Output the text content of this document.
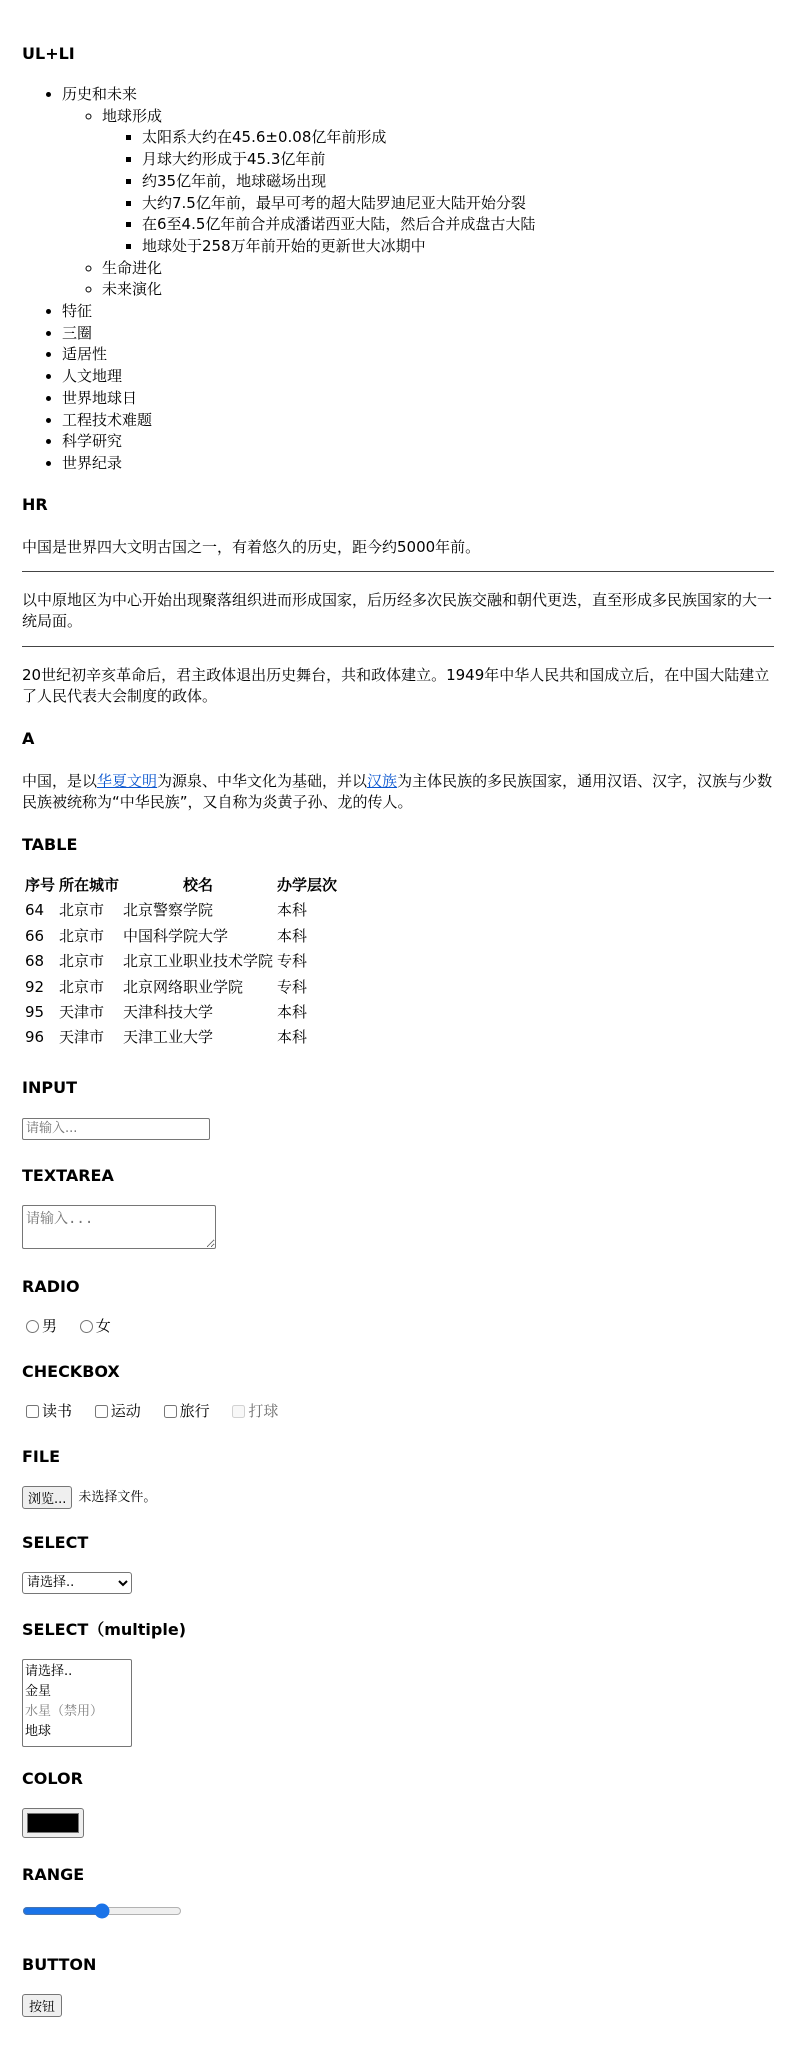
UL+LI
• 历史和未来
◦ 地球形成
▪ 太阳系大约在45.6±0.08亿年前形成
▪ 月球大约形成于45.3亿年前
▪ 约35亿年前，地球磁场出现
▪ 大约7.5亿年前，最早可考的超大陆罗迪尼亚大陆开始分裂
▪ 在6至4.5亿年前合并成潘诺西亚大陆，然后合并成盘古大陆
▪ 地球处于258万年前开始的更新世大冰期中
◦ 生命进化
◦ 未来演化
• 特征
• 三圈
• 适居性
• 人文地理
• 世界地球日
• 工程技术难题
• 科学研究
• 世界纪录
HR

中国是世界四大文明古国之一，有着悠久的历史，距今约5000年前。

以中原地区为中心开始出现聚落组织进而形成国家，后历经多次民族交融和朝代更迭，直至形成多民族国家的大一统局面。

20世纪初辛亥革命后，君主政体退出历史舞台，共和政体建立。1949年中华人民共和国成立后，在中国大陆建立了人民代表大会制度的政体。

A

中国，是以华夏文明为源泉、中华文化为基础，并以汉族为主体民族的多民族国家，通用汉语、汉字，汉族与少数民族被统称为“中华民族”，又自称为炎黄子孙、龙的传人。

TABLE
序号	所在城市	校名	办学层次
64	北京市	北京警察学院	本科
66	北京市	中国科学院大学	本科
68	北京市	北京工业职业技术学院	专科
92	北京市	北京网络职业学院	专科
95	天津市	天津科技大学	本科
96	天津市	天津工业大学	本科
INPUT
请输入...
TEXTAREA
请输入...
RADIO
男
	女
CHECKBOX
读书
	运动
	旅行
	打球
FILE
浏览... 未选择文件。
SELECT
请选择..
SELECT（multiple)
COLOR
RANGE
BUTTON
按钮
